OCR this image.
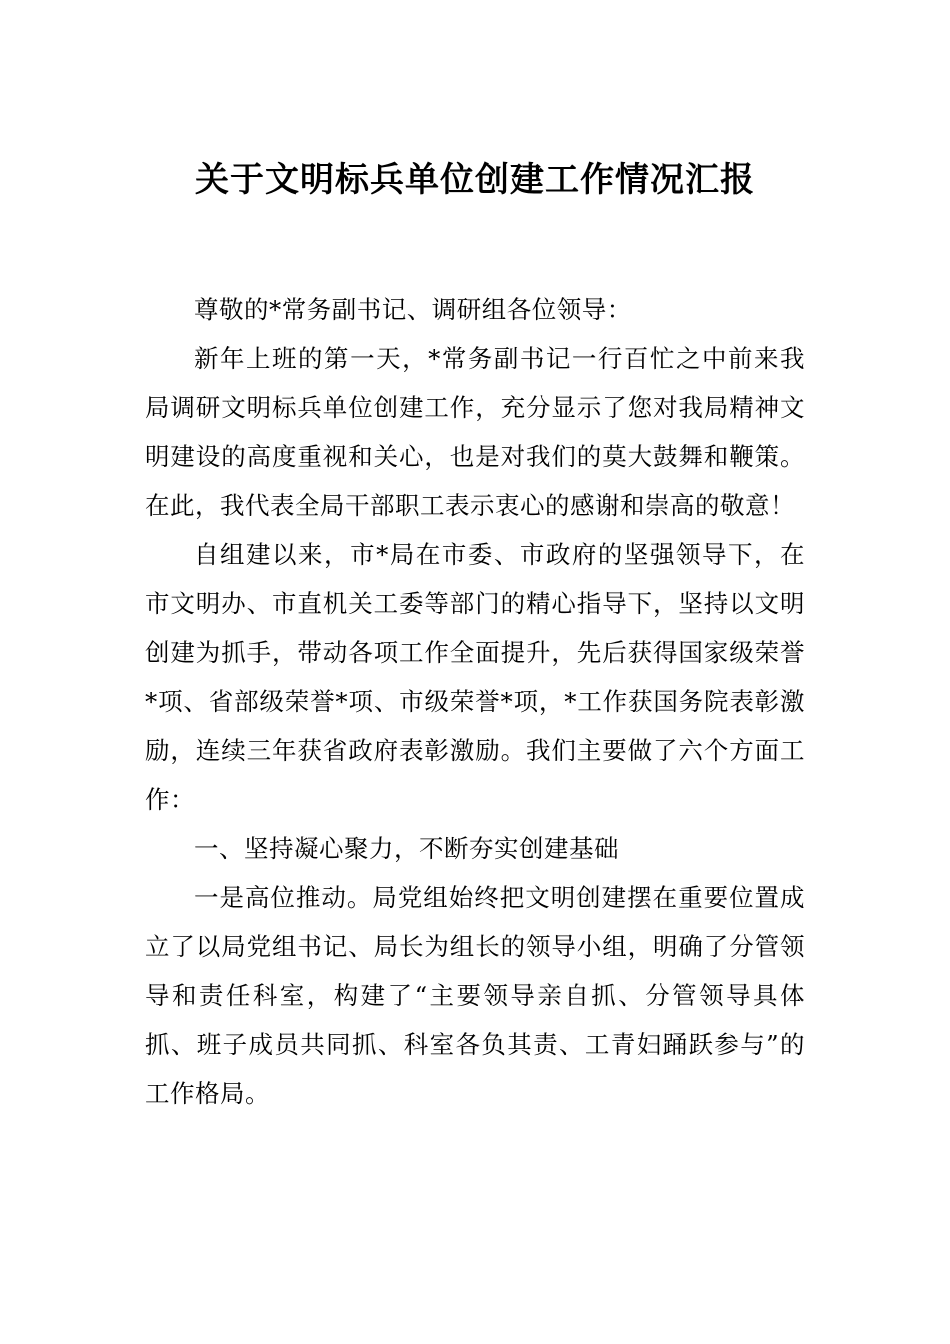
关于文明标兵单位创建工作情况汇报

尊敬的*常务副书记、调研组各位领导：

新年上班的第一天，*常务副书记一行百忙之中前来我局调研文明标兵单位创建工作，充分显示了您对我局精神文明建设的高度重视和关心，也是对我们的莫大鼓舞和鞭策。在此，我代表全局干部职工表示衷心的感谢和崇高的敬意！

自组建以来，市*局在市委、市政府的坚强领导下，在市文明办、市直机关工委等部门的精心指导下，坚持以文明创建为抓手，带动各项工作全面提升，先后获得国家级荣誉*项、省部级荣誉*项、市级荣誉*项，*工作获国务院表彰激励，连续三年获省政府表彰激励。我们主要做了六个方面工作：

一、坚持凝心聚力，不断夯实创建基础

一是高位推动。局党组始终把文明创建摆在重要位置成立了以局党组书记、局长为组长的领导小组，明确了分管领导和责任科室，构建了“主要领导亲自抓、分管领导具体抓、班子成员共同抓、科室各负其责、工青妇踊跃参与”的工作格局。
